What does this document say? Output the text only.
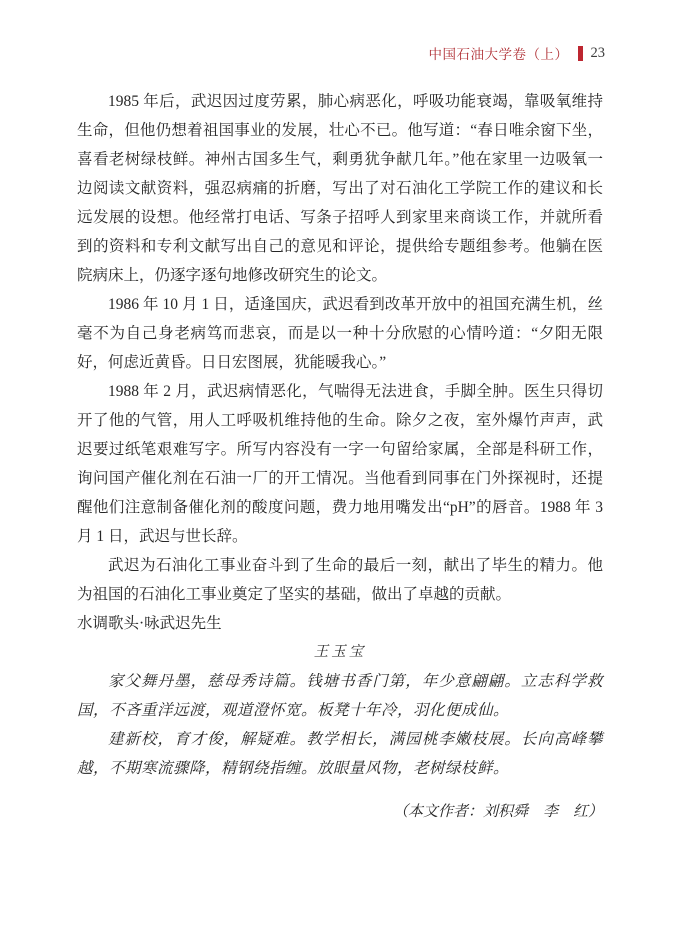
中国石油大学卷（上） 23

1985 年后，武迟因过度劳累，肺心病恶化，呼吸功能衰竭，靠吸氧维持生命，但他仍想着祖国事业的发展，壮心不已。他写道：“春日唯余窗下坐，喜看老树绿枝鲜。神州古国多生气，剩勇犹争献几年。”他在家里一边吸氧一边阅读文献资料，强忍病痛的折磨，写出了对石油化工学院工作的建议和长远发展的设想。他经常打电话、写条子招呼人到家里来商谈工作，并就所看到的资料和专利文献写出自己的意见和评论，提供给专题组参考。他躺在医院病床上，仍逐字逐句地修改研究生的论文。

1986 年 10 月 1 日，适逢国庆，武迟看到改革开放中的祖国充满生机，丝毫不为自己身老病笃而悲哀，而是以一种十分欣慰的心情吟道：“夕阳无限好，何虑近黄昏。日日宏图展，犹能暖我心。”

1988 年 2 月，武迟病情恶化，气喘得无法进食，手脚全肿。医生只得切开了他的气管，用人工呼吸机维持他的生命。除夕之夜，室外爆竹声声，武迟要过纸笔艰难写字。所写内容没有一字一句留给家属，全部是科研工作，询问国产催化剂在石油一厂的开工情况。当他看到同事在门外探视时，还提醒他们注意制备催化剂的酸度问题，费力地用嘴发出“pH”的唇音。1988 年 3 月 1 日，武迟与世长辞。

武迟为石油化工事业奋斗到了生命的最后一刻，献出了毕生的精力。他为祖国的石油化工事业奠定了坚实的基础，做出了卓越的贡献。

水调歌头·咏武迟先生

王玉宝

家父舞丹墨，慈母秀诗篇。钱塘书香门第，年少意翩翩。立志科学救国，不吝重洋远渡，观道澄怀宽。板凳十年冷，羽化便成仙。

建新校，育才俊，解疑难。教学相长，满园桃李嫩枝展。长向高峰攀越，不期寒流骤降，精钢绕指缠。放眼量风物，老树绿枝鲜。

（本文作者：刘积舜　李　红）
